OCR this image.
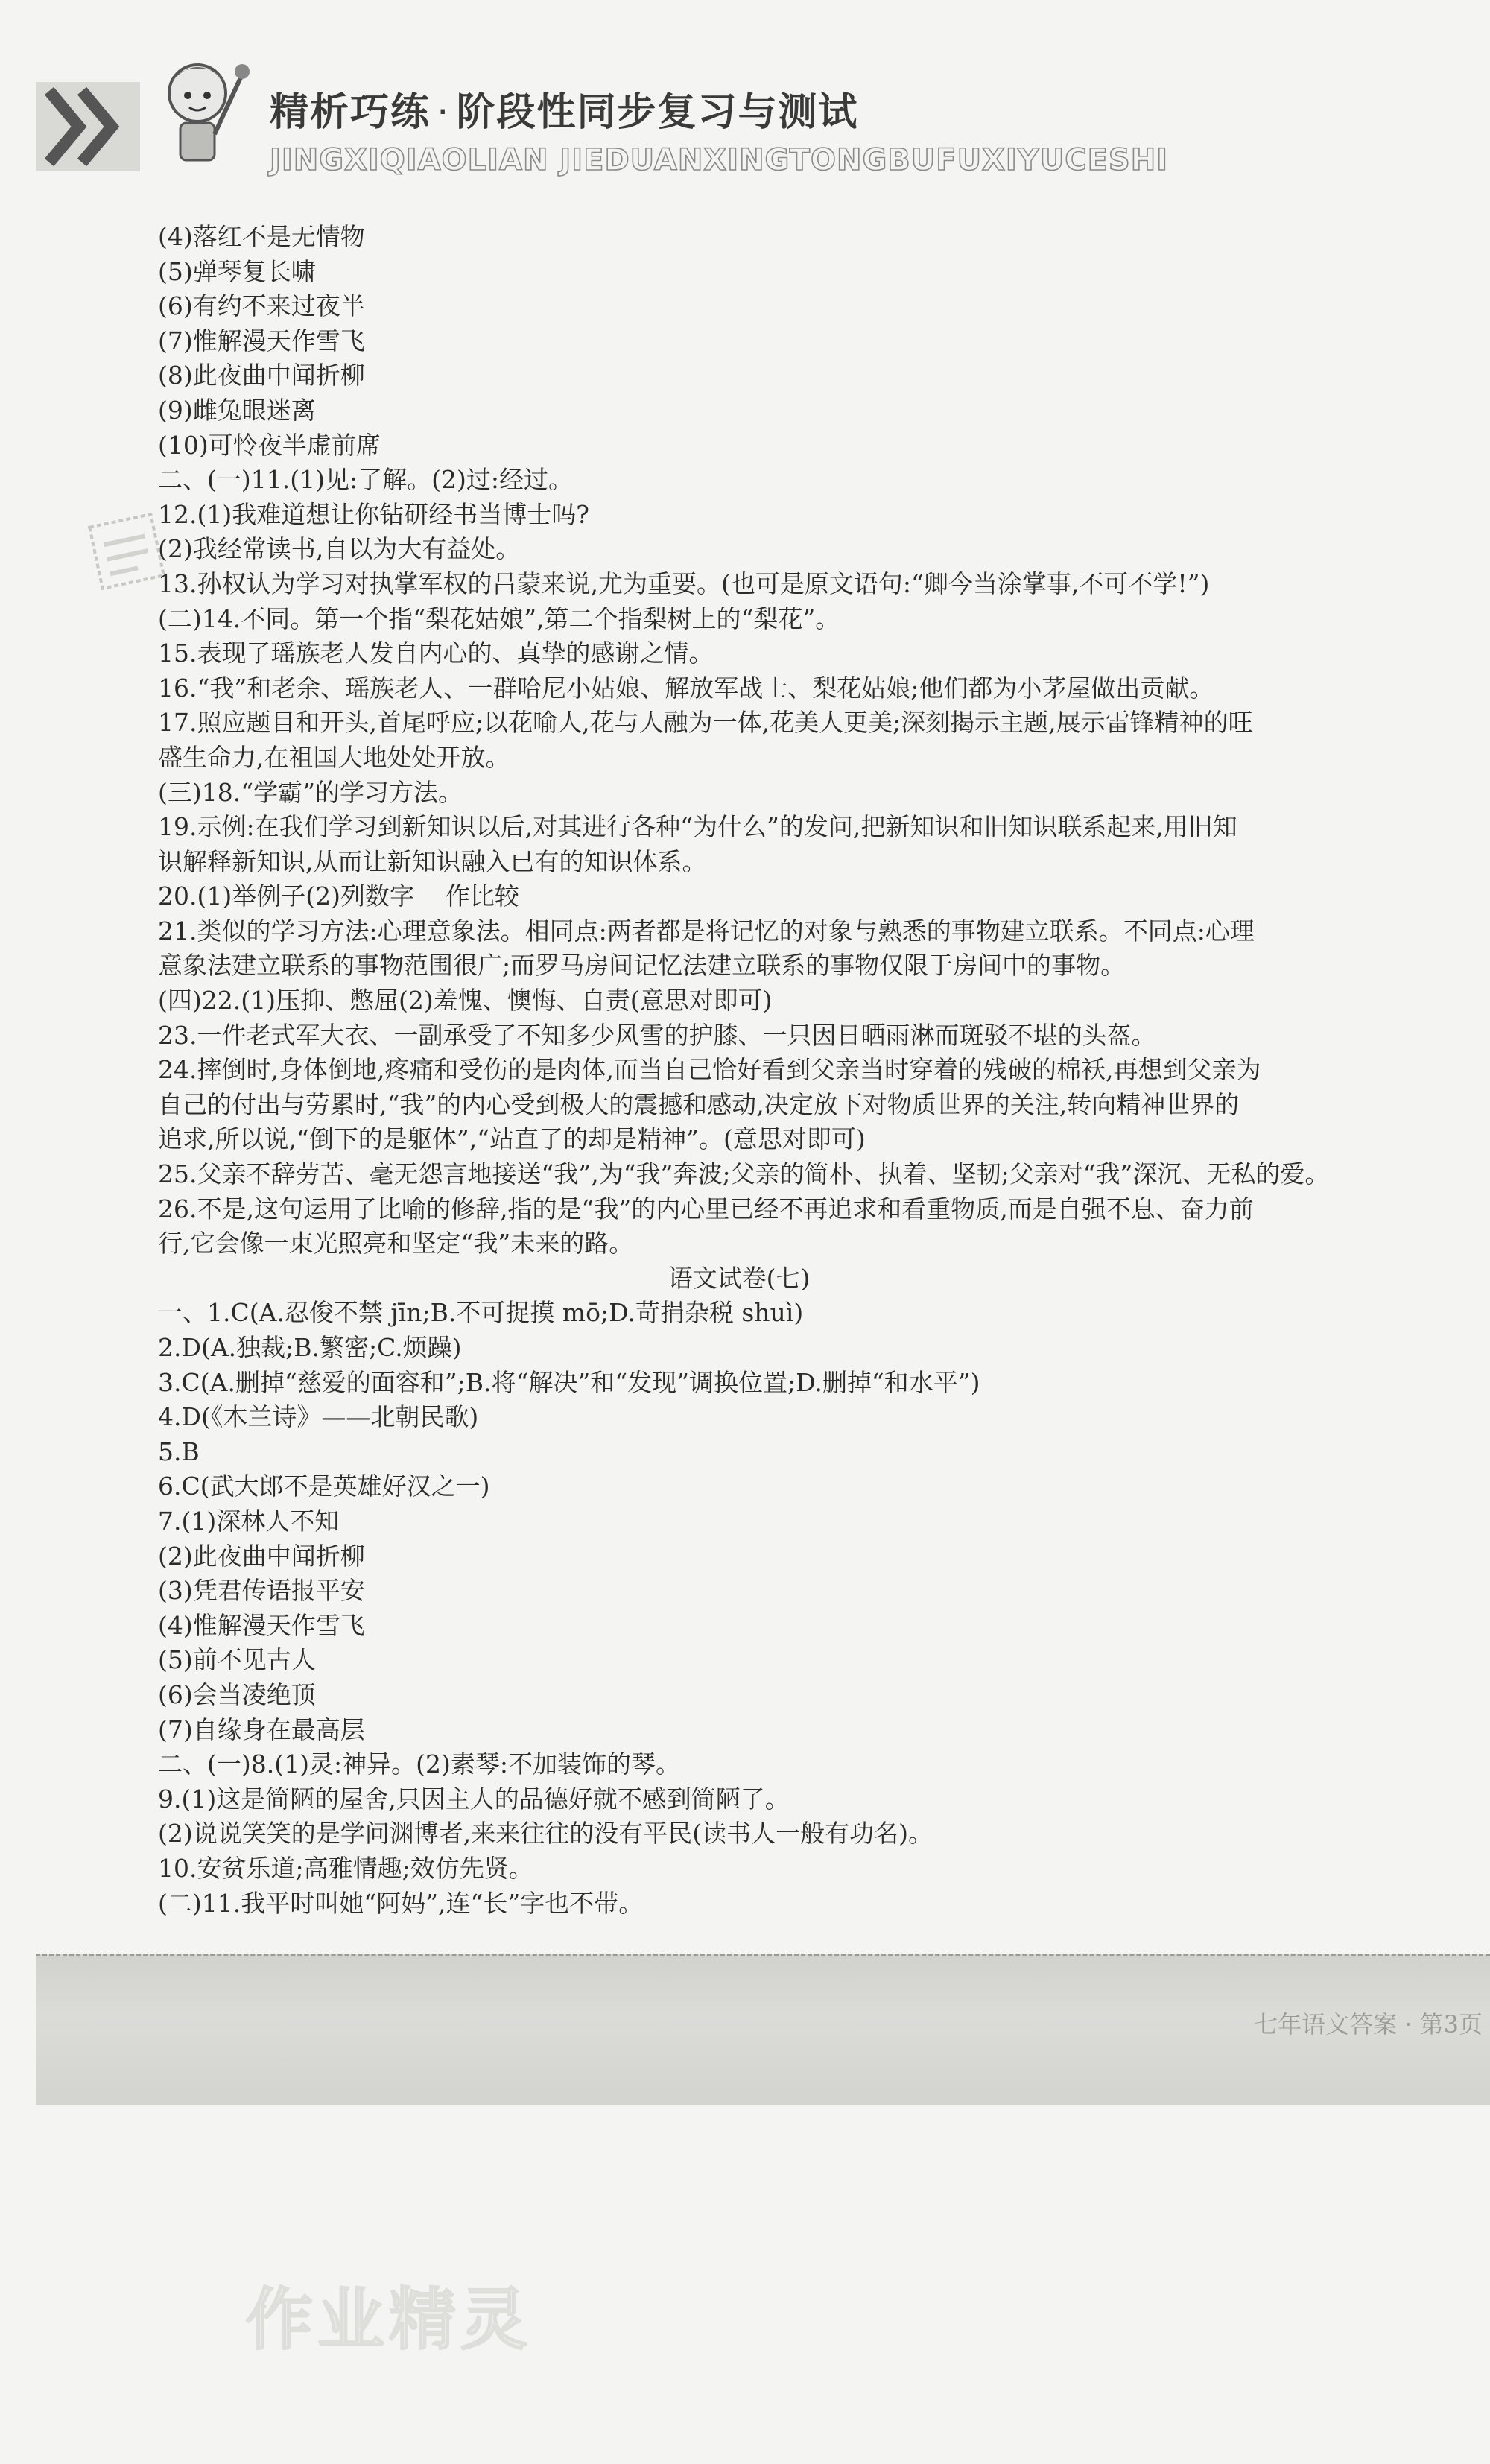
精析巧练 · 阶段性同步复习与测试
JINGXIQIAOLIAN JIEDUANXINGTONGBUFUXIYUCESHI
(4)落红不是无情物
(5)弹琴复长啸
(6)有约不来过夜半
(7)惟解漫天作雪飞
(8)此夜曲中闻折柳
(9)雌兔眼迷离
(10)可怜夜半虚前席
二、(一)11.(1)见:了解。(2)过:经过。
12.(1)我难道想让你钻研经书当博士吗?
(2)我经常读书,自以为大有益处。
13.孙权认为学习对执掌军权的吕蒙来说,尤为重要。(也可是原文语句:“卿今当涂掌事,不可不学!”)
(二)14.不同。第一个指“梨花姑娘”,第二个指梨树上的“梨花”。
15.表现了瑶族老人发自内心的、真挚的感谢之情。
16.“我”和老余、瑶族老人、一群哈尼小姑娘、解放军战士、梨花姑娘;他们都为小茅屋做出贡献。
17.照应题目和开头,首尾呼应;以花喻人,花与人融为一体,花美人更美;深刻揭示主题,展示雷锋精神的旺
盛生命力,在祖国大地处处开放。
(三)18.“学霸”的学习方法。
19.示例:在我们学习到新知识以后,对其进行各种“为什么”的发问,把新知识和旧知识联系起来,用旧知
识解释新知识,从而让新知识融入已有的知识体系。
20.(1)举例子(2)列数字    作比较
21.类似的学习方法:心理意象法。相同点:两者都是将记忆的对象与熟悉的事物建立联系。不同点:心理
意象法建立联系的事物范围很广;而罗马房间记忆法建立联系的事物仅限于房间中的事物。
(四)22.(1)压抑、憋屈(2)羞愧、懊悔、自责(意思对即可)
23.一件老式军大衣、一副承受了不知多少风雪的护膝、一只因日晒雨淋而斑驳不堪的头盔。
24.摔倒时,身体倒地,疼痛和受伤的是肉体,而当自己恰好看到父亲当时穿着的残破的棉袄,再想到父亲为
自己的付出与劳累时,“我”的内心受到极大的震撼和感动,决定放下对物质世界的关注,转向精神世界的
追求,所以说,“倒下的是躯体”,“站直了的却是精神”。(意思对即可)
25.父亲不辞劳苦、毫无怨言地接送“我”,为“我”奔波;父亲的简朴、执着、坚韧;父亲对“我”深沉、无私的爱。
26.不是,这句运用了比喻的修辞,指的是“我”的内心里已经不再追求和看重物质,而是自强不息、奋力前
行,它会像一束光照亮和坚定“我”未来的路。
语文试卷(七)
一、1.C(A.忍俊不禁 jīn;B.不可捉摸 mō;D.苛捐杂税 shuì)
2.D(A.独裁;B.繁密;C.烦躁)
3.C(A.删掉“慈爱的面容和”;B.将“解决”和“发现”调换位置;D.删掉“和水平”)
4.D(《木兰诗》——北朝民歌)
5.B
6.C(武大郎不是英雄好汉之一)
7.(1)深林人不知
(2)此夜曲中闻折柳
(3)凭君传语报平安
(4)惟解漫天作雪飞
(5)前不见古人
(6)会当凌绝顶
(7)自缘身在最高层
二、(一)8.(1)灵:神异。(2)素琴:不加装饰的琴。
9.(1)这是简陋的屋舍,只因主人的品德好就不感到简陋了。
(2)说说笑笑的是学问渊博者,来来往往的没有平民(读书人一般有功名)。
10.安贫乐道;高雅情趣;效仿先贤。
(二)11.我平时叫她“阿妈”,连“长”字也不带。
七年语文答案 · 第3页
作业精灵
